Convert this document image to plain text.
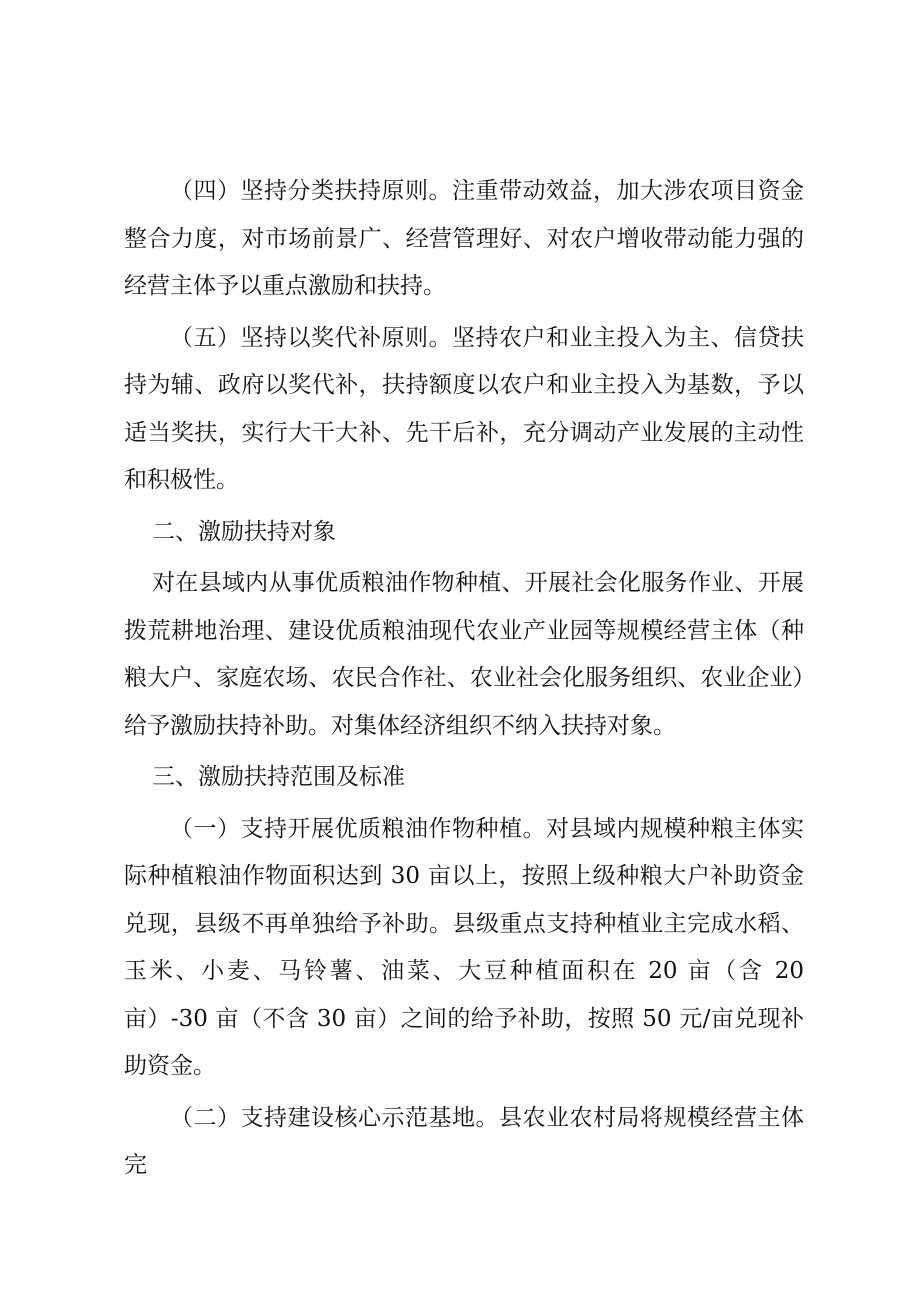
（四）坚持分类扶持原则。注重带动效益，加大涉农项目资金整合力度，对市场前景广、经营管理好、对农户增收带动能力强的经营主体予以重点激励和扶持。

（五）坚持以奖代补原则。坚持农户和业主投入为主、信贷扶持为辅、政府以奖代补，扶持额度以农户和业主投入为基数，予以适当奖扶，实行大干大补、先干后补，充分调动产业发展的主动性和积极性。

二、激励扶持对象

对在县域内从事优质粮油作物种植、开展社会化服务作业、开展拨荒耕地治理、建设优质粮油现代农业产业园等规模经营主体（种粮大户、家庭农场、农民合作社、农业社会化服务组织、农业企业）给予激励扶持补助。对集体经济组织不纳入扶持对象。

三、激励扶持范围及标准

（一）支持开展优质粮油作物种植。对县域内规模种粮主体实际种植粮油作物面积达到 30 亩以上，按照上级种粮大户补助资金兑现，县级不再单独给予补助。县级重点支持种植业主完成水稻、玉米、小麦、马铃薯、油菜、大豆种植面积在 20 亩（含 20 亩）-30 亩（不含 30 亩）之间的给予补助，按照 50 元/亩兑现补助资金。

（二）支持建设核心示范基地。县农业农村局将规模经营主体完
